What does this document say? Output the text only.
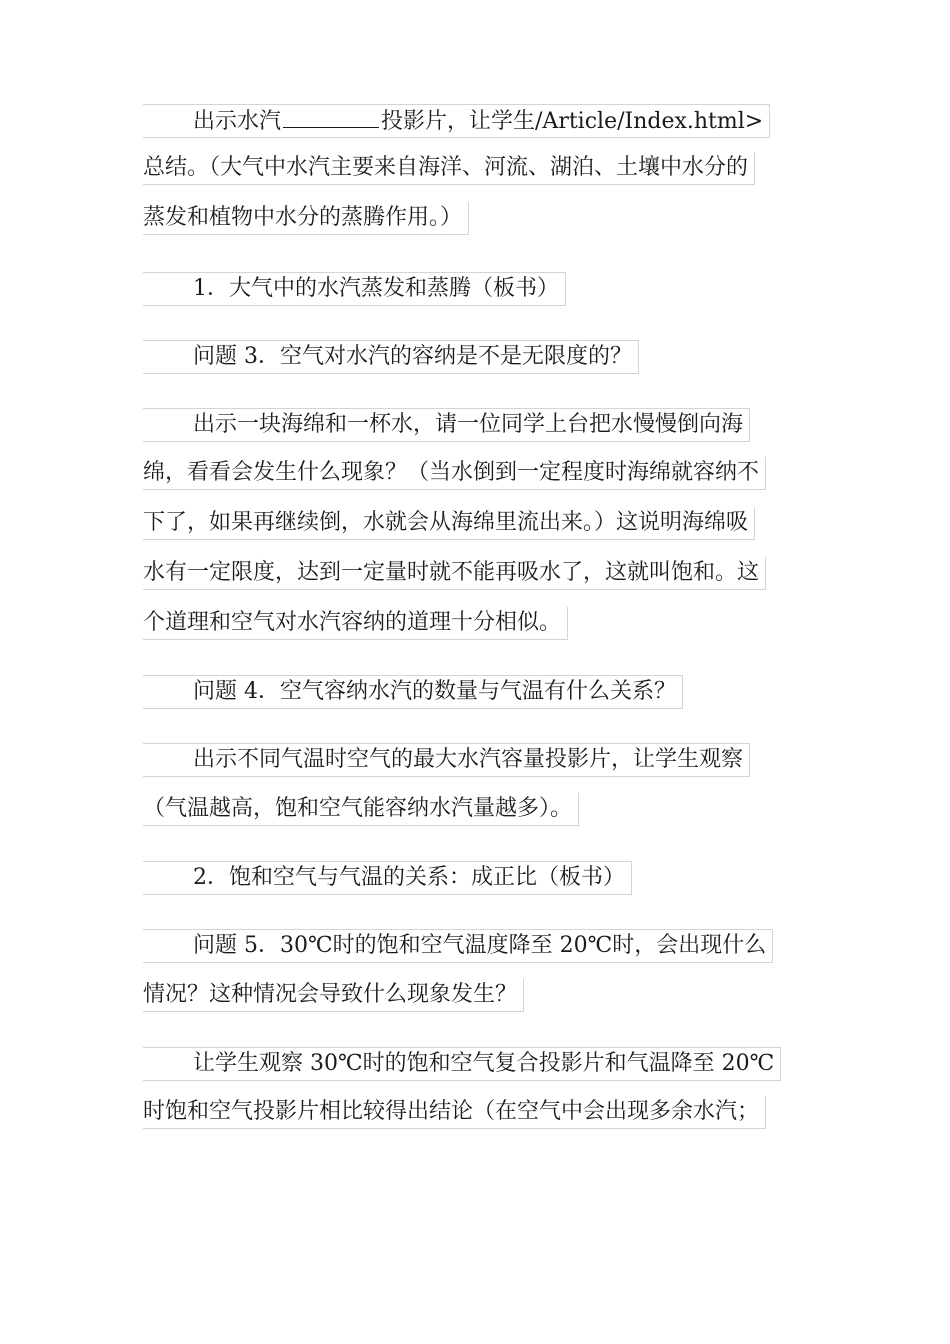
出示水汽	投影片，让学生/Article/Index.html>
总结。（大气中水汽主要来自海洋、河流、湖泊、土壤中水分的
蒸发和植物中水分的蒸腾作用。）
1．大气中的水汽蒸发和蒸腾（板书）
问题 3．空气对水汽的容纳是不是无限度的？
出示一块海绵和一杯水，请一位同学上台把水慢慢倒向海
绵，看看会发生什么现象？（当水倒到一定程度时海绵就容纳不
下了，如果再继续倒，水就会从海绵里流出来。）这说明海绵吸
水有一定限度，达到一定量时就不能再吸水了，这就叫饱和。这
个道理和空气对水汽容纳的道理十分相似。
问题 4．空气容纳水汽的数量与气温有什么关系？
出示不同气温时空气的最大水汽容量投影片，让学生观察
（气温越高，饱和空气能容纳水汽量越多）。
2．饱和空气与气温的关系：成正比（板书）
问题 5．30℃时的饱和空气温度降至 20℃时，会出现什么
情况？这种情况会导致什么现象发生？
让学生观察 30℃时的饱和空气复合投影片和气温降至 20℃
时饱和空气投影片相比较得出结论（在空气中会出现多余水汽；
